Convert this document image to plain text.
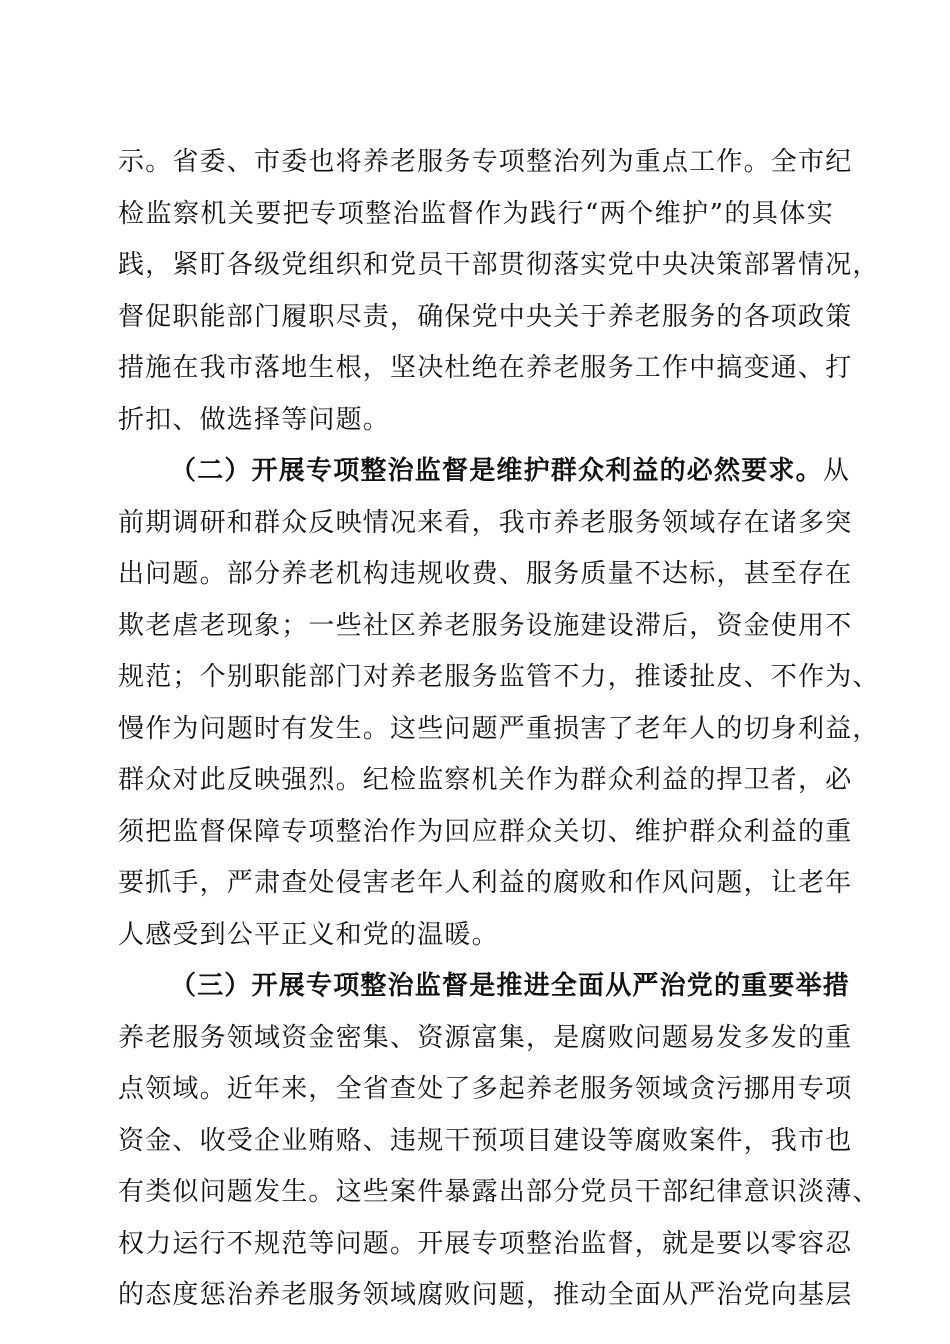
示。省委、市委也将养老服务专项整治列为重点工作。全市纪
检监察机关要把专项整治监督作为践行“两个维护”的具体实
践，紧盯各级党组织和党员干部贯彻落实党中央决策部署情况，
督促职能部门履职尽责，确保党中央关于养老服务的各项政策
措施在我市落地生根，坚决杜绝在养老服务工作中搞变通、打
折扣、做选择等问题。
（二）开展专项整治监督是维护群众利益的必然要求。从
前期调研和群众反映情况来看，我市养老服务领域存在诸多突
出问题。部分养老机构违规收费、服务质量不达标，甚至存在
欺老虐老现象；一些社区养老服务设施建设滞后，资金使用不
规范；个别职能部门对养老服务监管不力，推诿扯皮、不作为、
慢作为问题时有发生。这些问题严重损害了老年人的切身利益，
群众对此反映强烈。纪检监察机关作为群众利益的捍卫者，必
须把监督保障专项整治作为回应群众关切、维护群众利益的重
要抓手，严肃查处侵害老年人利益的腐败和作风问题，让老年
人感受到公平正义和党的温暖。
（三）开展专项整治监督是推进全面从严治党的重要举措
养老服务领域资金密集、资源富集，是腐败问题易发多发的重
点领域。近年来，全省查处了多起养老服务领域贪污挪用专项
资金、收受企业贿赂、违规干预项目建设等腐败案件，我市也
有类似问题发生。这些案件暴露出部分党员干部纪律意识淡薄、
权力运行不规范等问题。开展专项整治监督，就是要以零容忍
的态度惩治养老服务领域腐败问题，推动全面从严治党向基层
